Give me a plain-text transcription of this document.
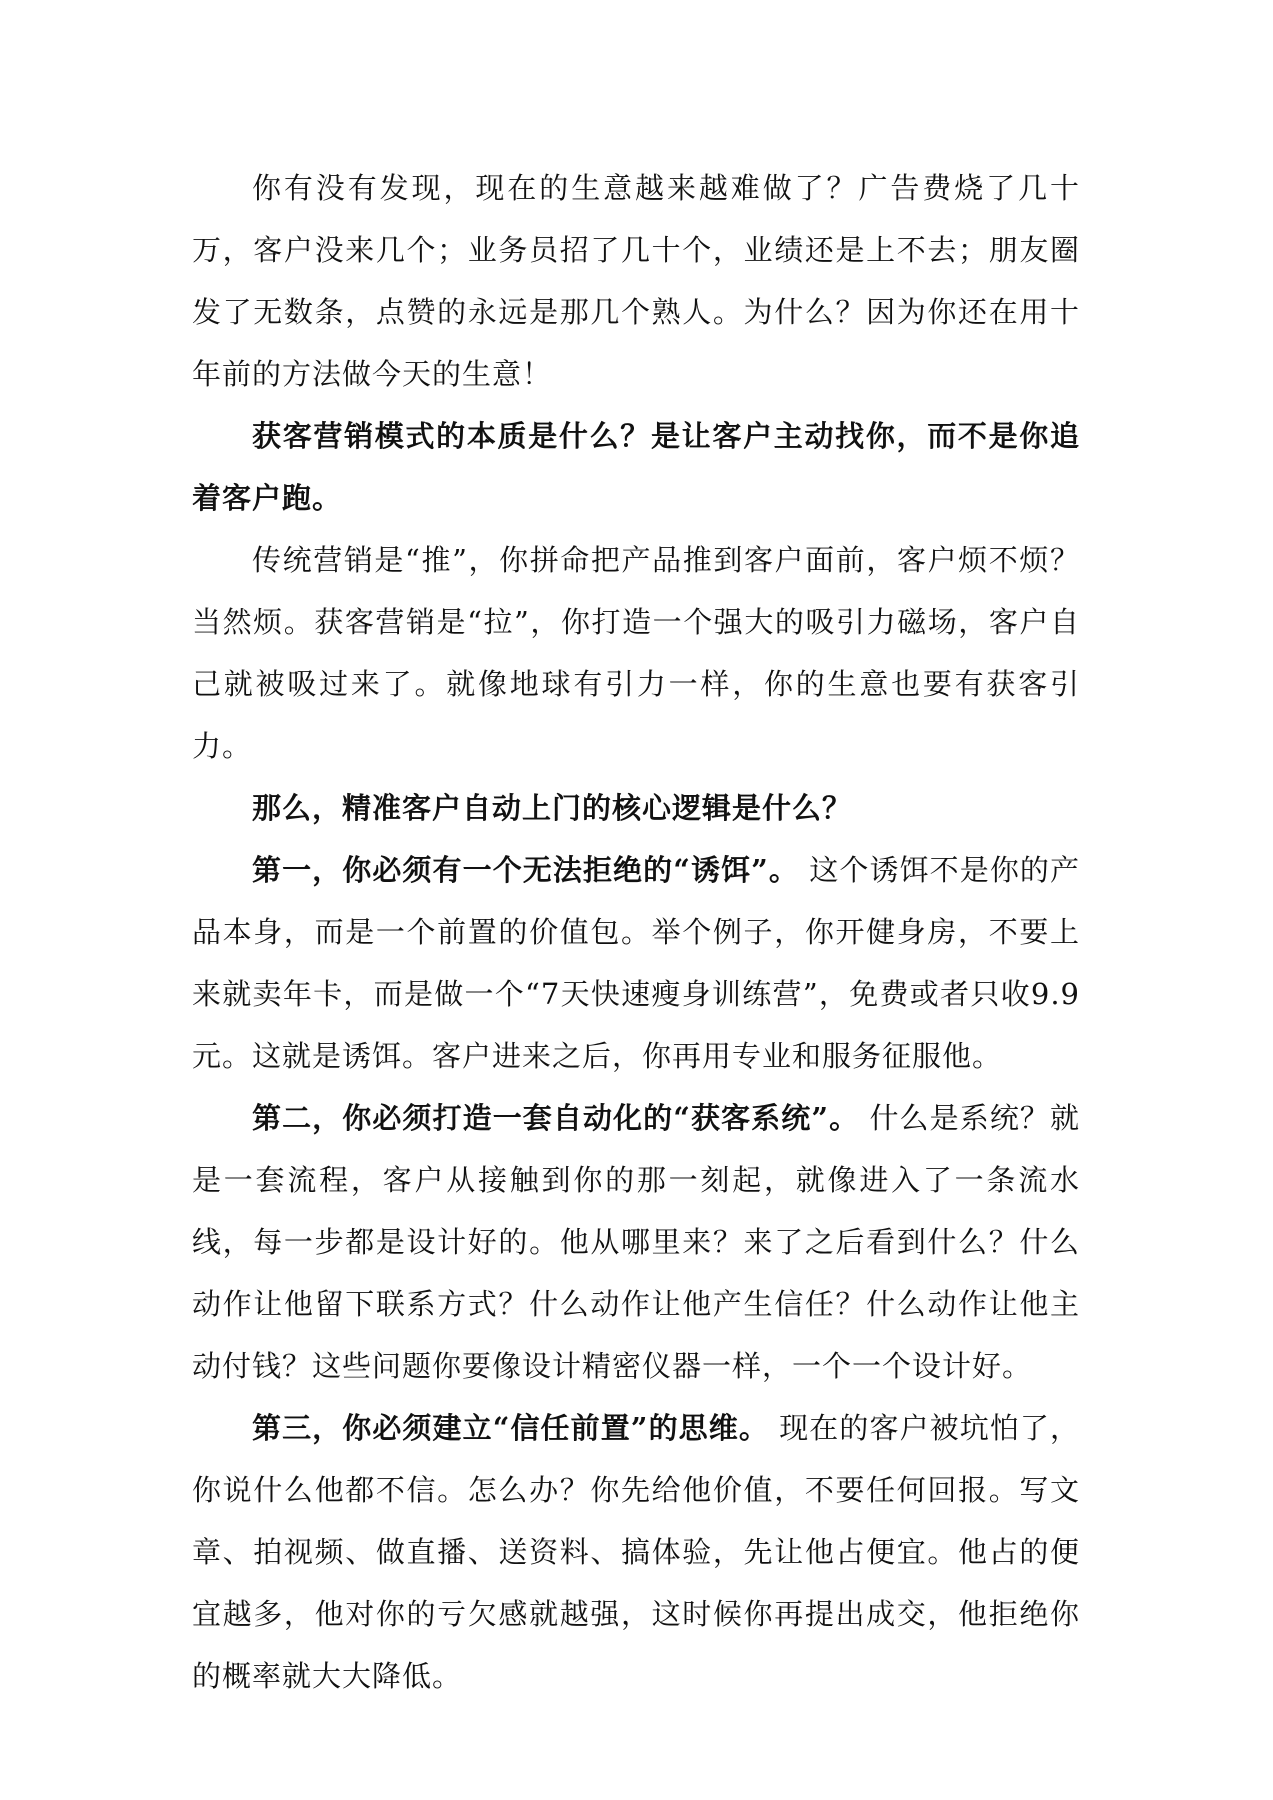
你有没有发现，现在的生意越来越难做了？广告费烧了几十万，客户没来几个；业务员招了几十个，业绩还是上不去；朋友圈发了无数条，点赞的永远是那几个熟人。为什么？因为你还在用十年前的方法做今天的生意！

获客营销模式的本质是什么？是让客户主动找你，而不是你追着客户跑。

传统营销是“推”，你拼命把产品推到客户面前，客户烦不烦？当然烦。获客营销是“拉”，你打造一个强大的吸引力磁场，客户自己就被吸过来了。就像地球有引力一样，你的生意也要有获客引力。

那么，精准客户自动上门的核心逻辑是什么？

第一，你必须有一个无法拒绝的“诱饵”。 这个诱饵不是你的产品本身，而是一个前置的价值包。举个例子，你开健身房，不要上来就卖年卡，而是做一个“7天快速瘦身训练营”，免费或者只收9.9元。这就是诱饵。客户进来之后，你再用专业和服务征服他。

第二，你必须打造一套自动化的“获客系统”。 什么是系统？就是一套流程，客户从接触到你的那一刻起，就像进入了一条流水线，每一步都是设计好的。他从哪里来？来了之后看到什么？什么动作让他留下联系方式？什么动作让他产生信任？什么动作让他主动付钱？这些问题你要像设计精密仪器一样，一个一个设计好。

第三，你必须建立“信任前置”的思维。 现在的客户被坑怕了，你说什么他都不信。怎么办？你先给他价值，不要任何回报。写文章、拍视频、做直播、送资料、搞体验，先让他占便宜。他占的便宜越多，他对你的亏欠感就越强，这时候你再提出成交，他拒绝你的概率就大大降低。
